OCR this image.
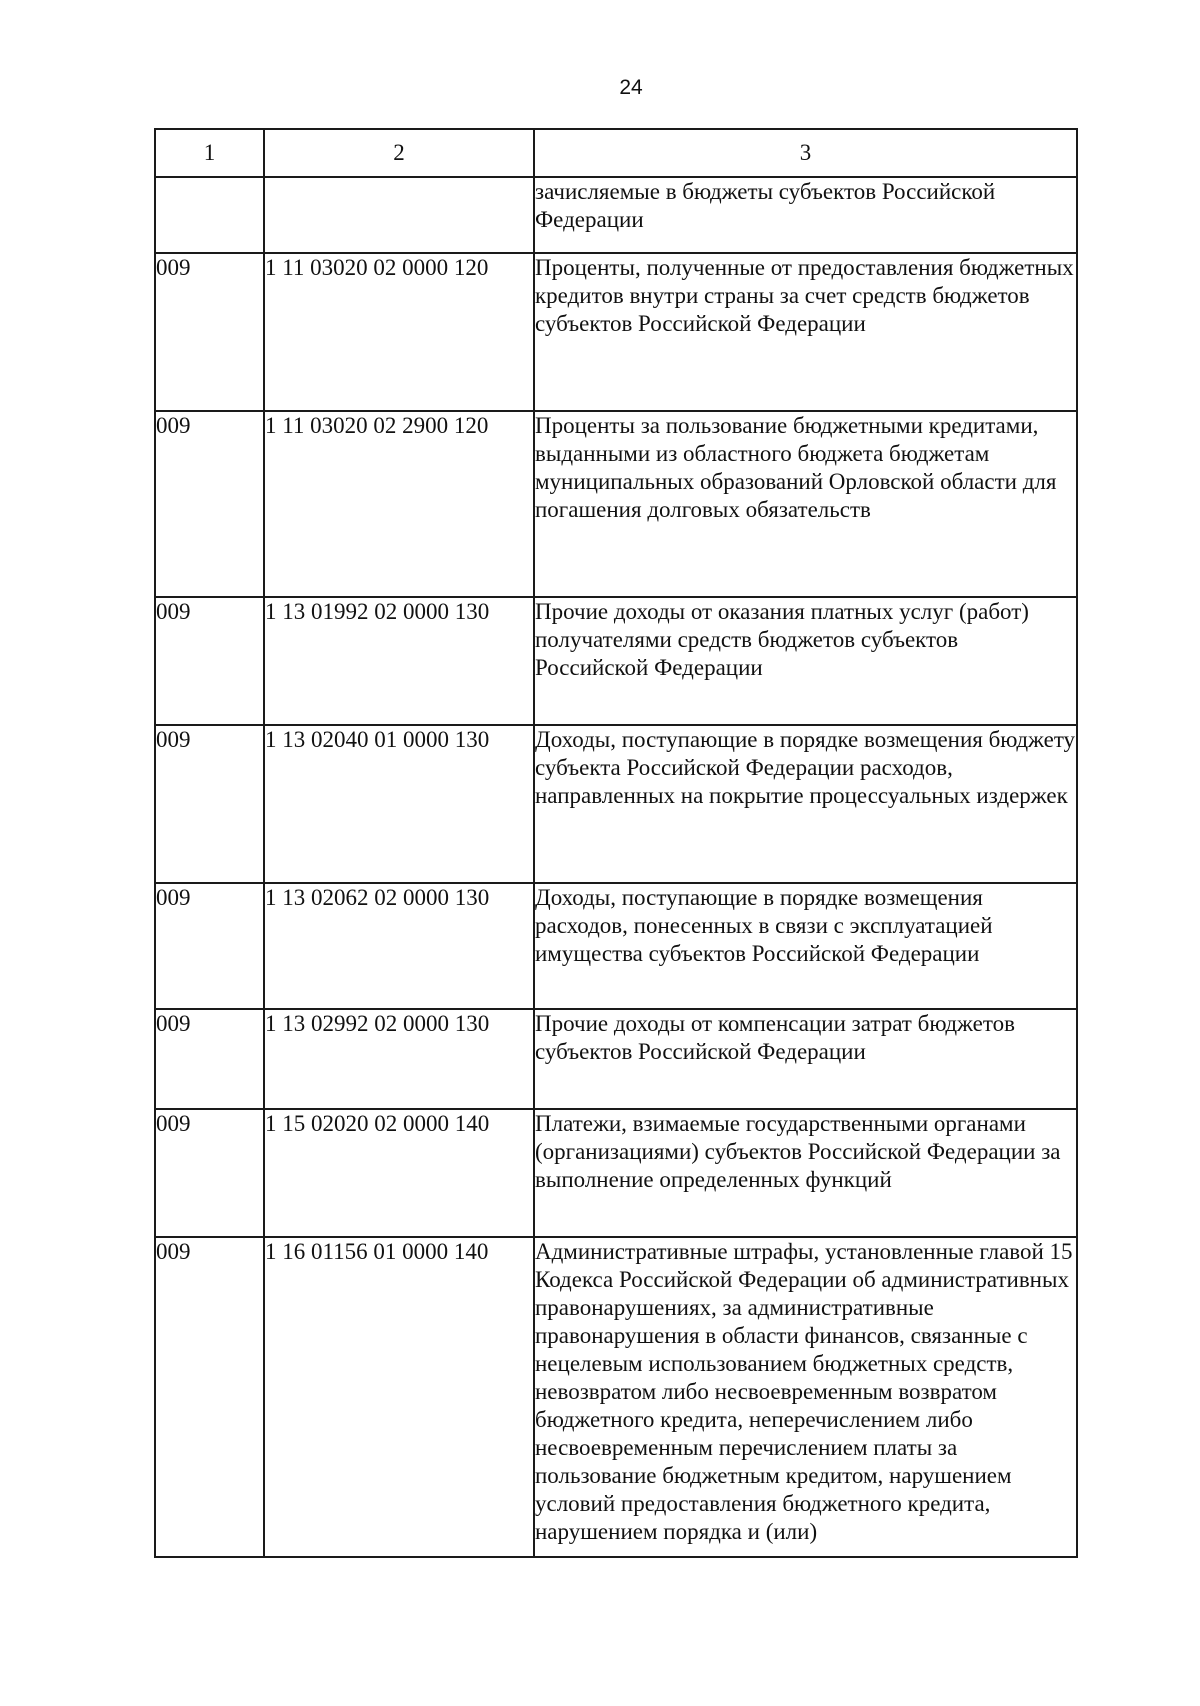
24
1	2	3
		зачисляемые в бюджеты субъектов Российской Федерации
009	1 11 03020 02 0000 120	Проценты, полученные от предоставления бюджетных кредитов внутри страны за счет средств бюджетов субъектов Российской Федерации
009	1 11 03020 02 2900 120	Проценты за пользование бюджетными кредитами, выданными из областного бюджета бюджетам муниципальных образований Орловской области для погашения долговых обязательств
009	1 13 01992 02 0000 130	Прочие доходы от оказания платных услуг (работ) получателями средств бюджетов субъектов Российской Федерации
009	1 13 02040 01 0000 130	Доходы, поступающие в порядке возмещения бюджету субъекта Российской Федерации расходов, направленных на покрытие процессуальных издержек
009	1 13 02062 02 0000 130	Доходы, поступающие в порядке возмещения расходов, понесенных в связи с эксплуатацией имущества субъектов Российской Федерации
009	1 13 02992 02 0000 130	Прочие доходы от компенсации затрат бюджетов субъектов Российской Федерации
009	1 15 02020 02 0000 140	Платежи, взимаемые государственными органами (организациями) субъектов Российской Федерации за выполнение определенных функций
009	1 16 01156 01 0000 140	Административные штрафы, установленные главой 15 Кодекса Российской Федерации об административных правонарушениях, за административные правонарушения в области финансов, связанные с нецелевым использованием бюджетных средств, невозвратом либо несвоевременным возвратом бюджетного кредита, неперечислением либо несвоевременным перечислением платы за пользование бюджетным кредитом, нарушением условий предоставления бюджетного кредита, нарушением порядка и (или)
